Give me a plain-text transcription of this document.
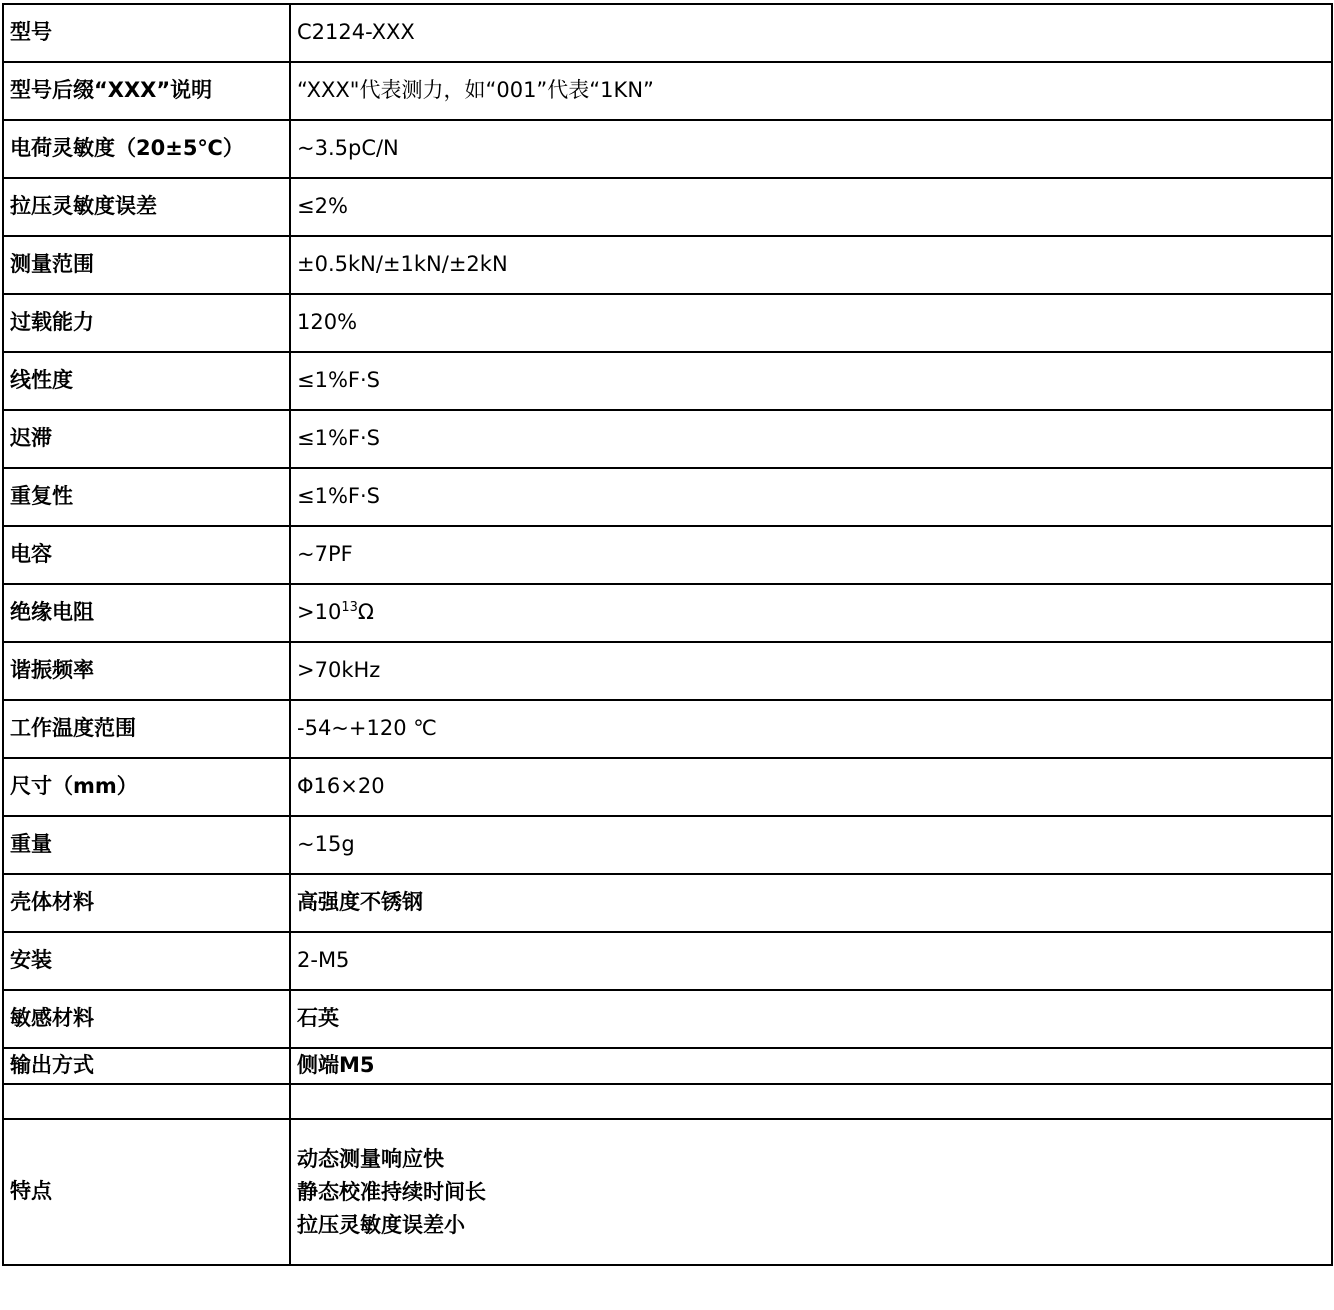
型号	C2124-XXX
型号后缀“XXX”说明	“XXX"代表测力，如“001”代表“1KN”
电荷灵敏度（20±5℃）	~3.5pC/N
拉压灵敏度误差	≤2%
测量范围	±0.5kN/±1kN/±2kN
过载能力	120%
线性度	≤1%F·S
迟滞	≤1%F·S
重复性	≤1%F·S
电容	~7PF
绝缘电阻	$>10^{13}\Omega$
谐振频率	>70kHz
工作温度范围	-54~+120 ℃
尺寸（mm）	Φ16×20
重量	~15g
壳体材料	高强度不锈钢
安装	2-M5
敏感材料	石英
输出方式	侧端M5

特点	动态测量响应快
静态校准持续时间长
拉压灵敏度误差小
